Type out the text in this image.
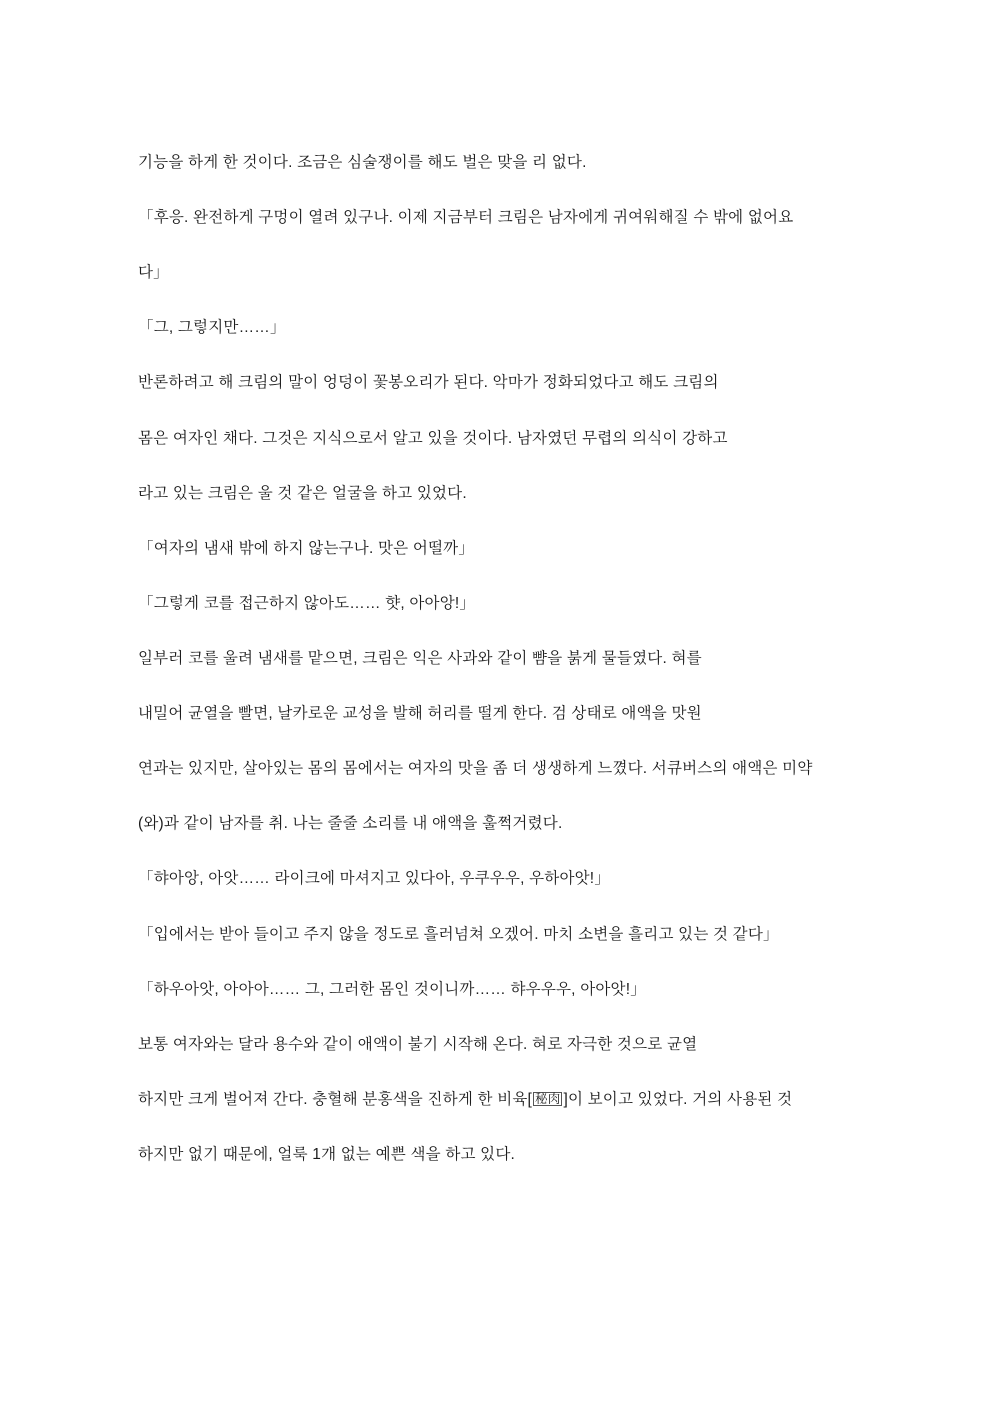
기능을 하게 한 것이다. 조금은 심술쟁이를 해도 벌은 맞을 리 없다.

「후응. 완전하게 구멍이 열려 있구나. 이제 지금부터 크림은 남자에게 귀여워해질 수 밖에 없어요

다」

「그, 그렇지만……」

반론하려고 해 크림의 말이 엉덩이 꽃봉오리가 된다. 악마가 정화되었다고 해도 크림의

몸은 여자인 채다. 그것은 지식으로서 알고 있을 것이다. 남자였던 무렵의 의식이 강하고

라고 있는 크림은 울 것 같은 얼굴을 하고 있었다.

「여자의 냄새 밖에 하지 않는구나. 맛은 어떨까」

「그렇게 코를 접근하지 않아도…… 햣, 아아앙!」

일부러 코를 울려 냄새를 맡으면, 크림은 익은 사과와 같이 뺨을 붉게 물들였다. 혀를

내밀어 균열을 빨면, 날카로운 교성을 발해 허리를 떨게 한다. 검 상태로 애액을 맛원

연과는 있지만, 살아있는 몸의 몸에서는 여자의 맛을 좀 더 생생하게 느꼈다. 서큐버스의 애액은 미약

(와)과 같이 남자를 취. 나는 줄줄 소리를 내 애액을 훌쩍거렸다.

「햐아앙, 아앗…… 라이크에 마셔지고 있다아, 우쿠우우, 우하아앗!」

「입에서는 받아 들이고 주지 않을 정도로 흘러넘쳐 오겠어. 마치 소변을 흘리고 있는 것 같다」

「하우아앗, 아아아…… 그, 그러한 몸인 것이니까…… 햐우우우, 아아앗!」

보통 여자와는 달라 용수와 같이 애액이 불기 시작해 온다. 혀로 자극한 것으로 균열

하지만 크게 벌어져 간다. 충혈해 분홍색을 진하게 한 비육[ 秘肉 ]이 보이고 있었다. 거의 사용된 것

하지만 없기 때문에, 얼룩 1개 없는 예쁜 색을 하고 있다.
